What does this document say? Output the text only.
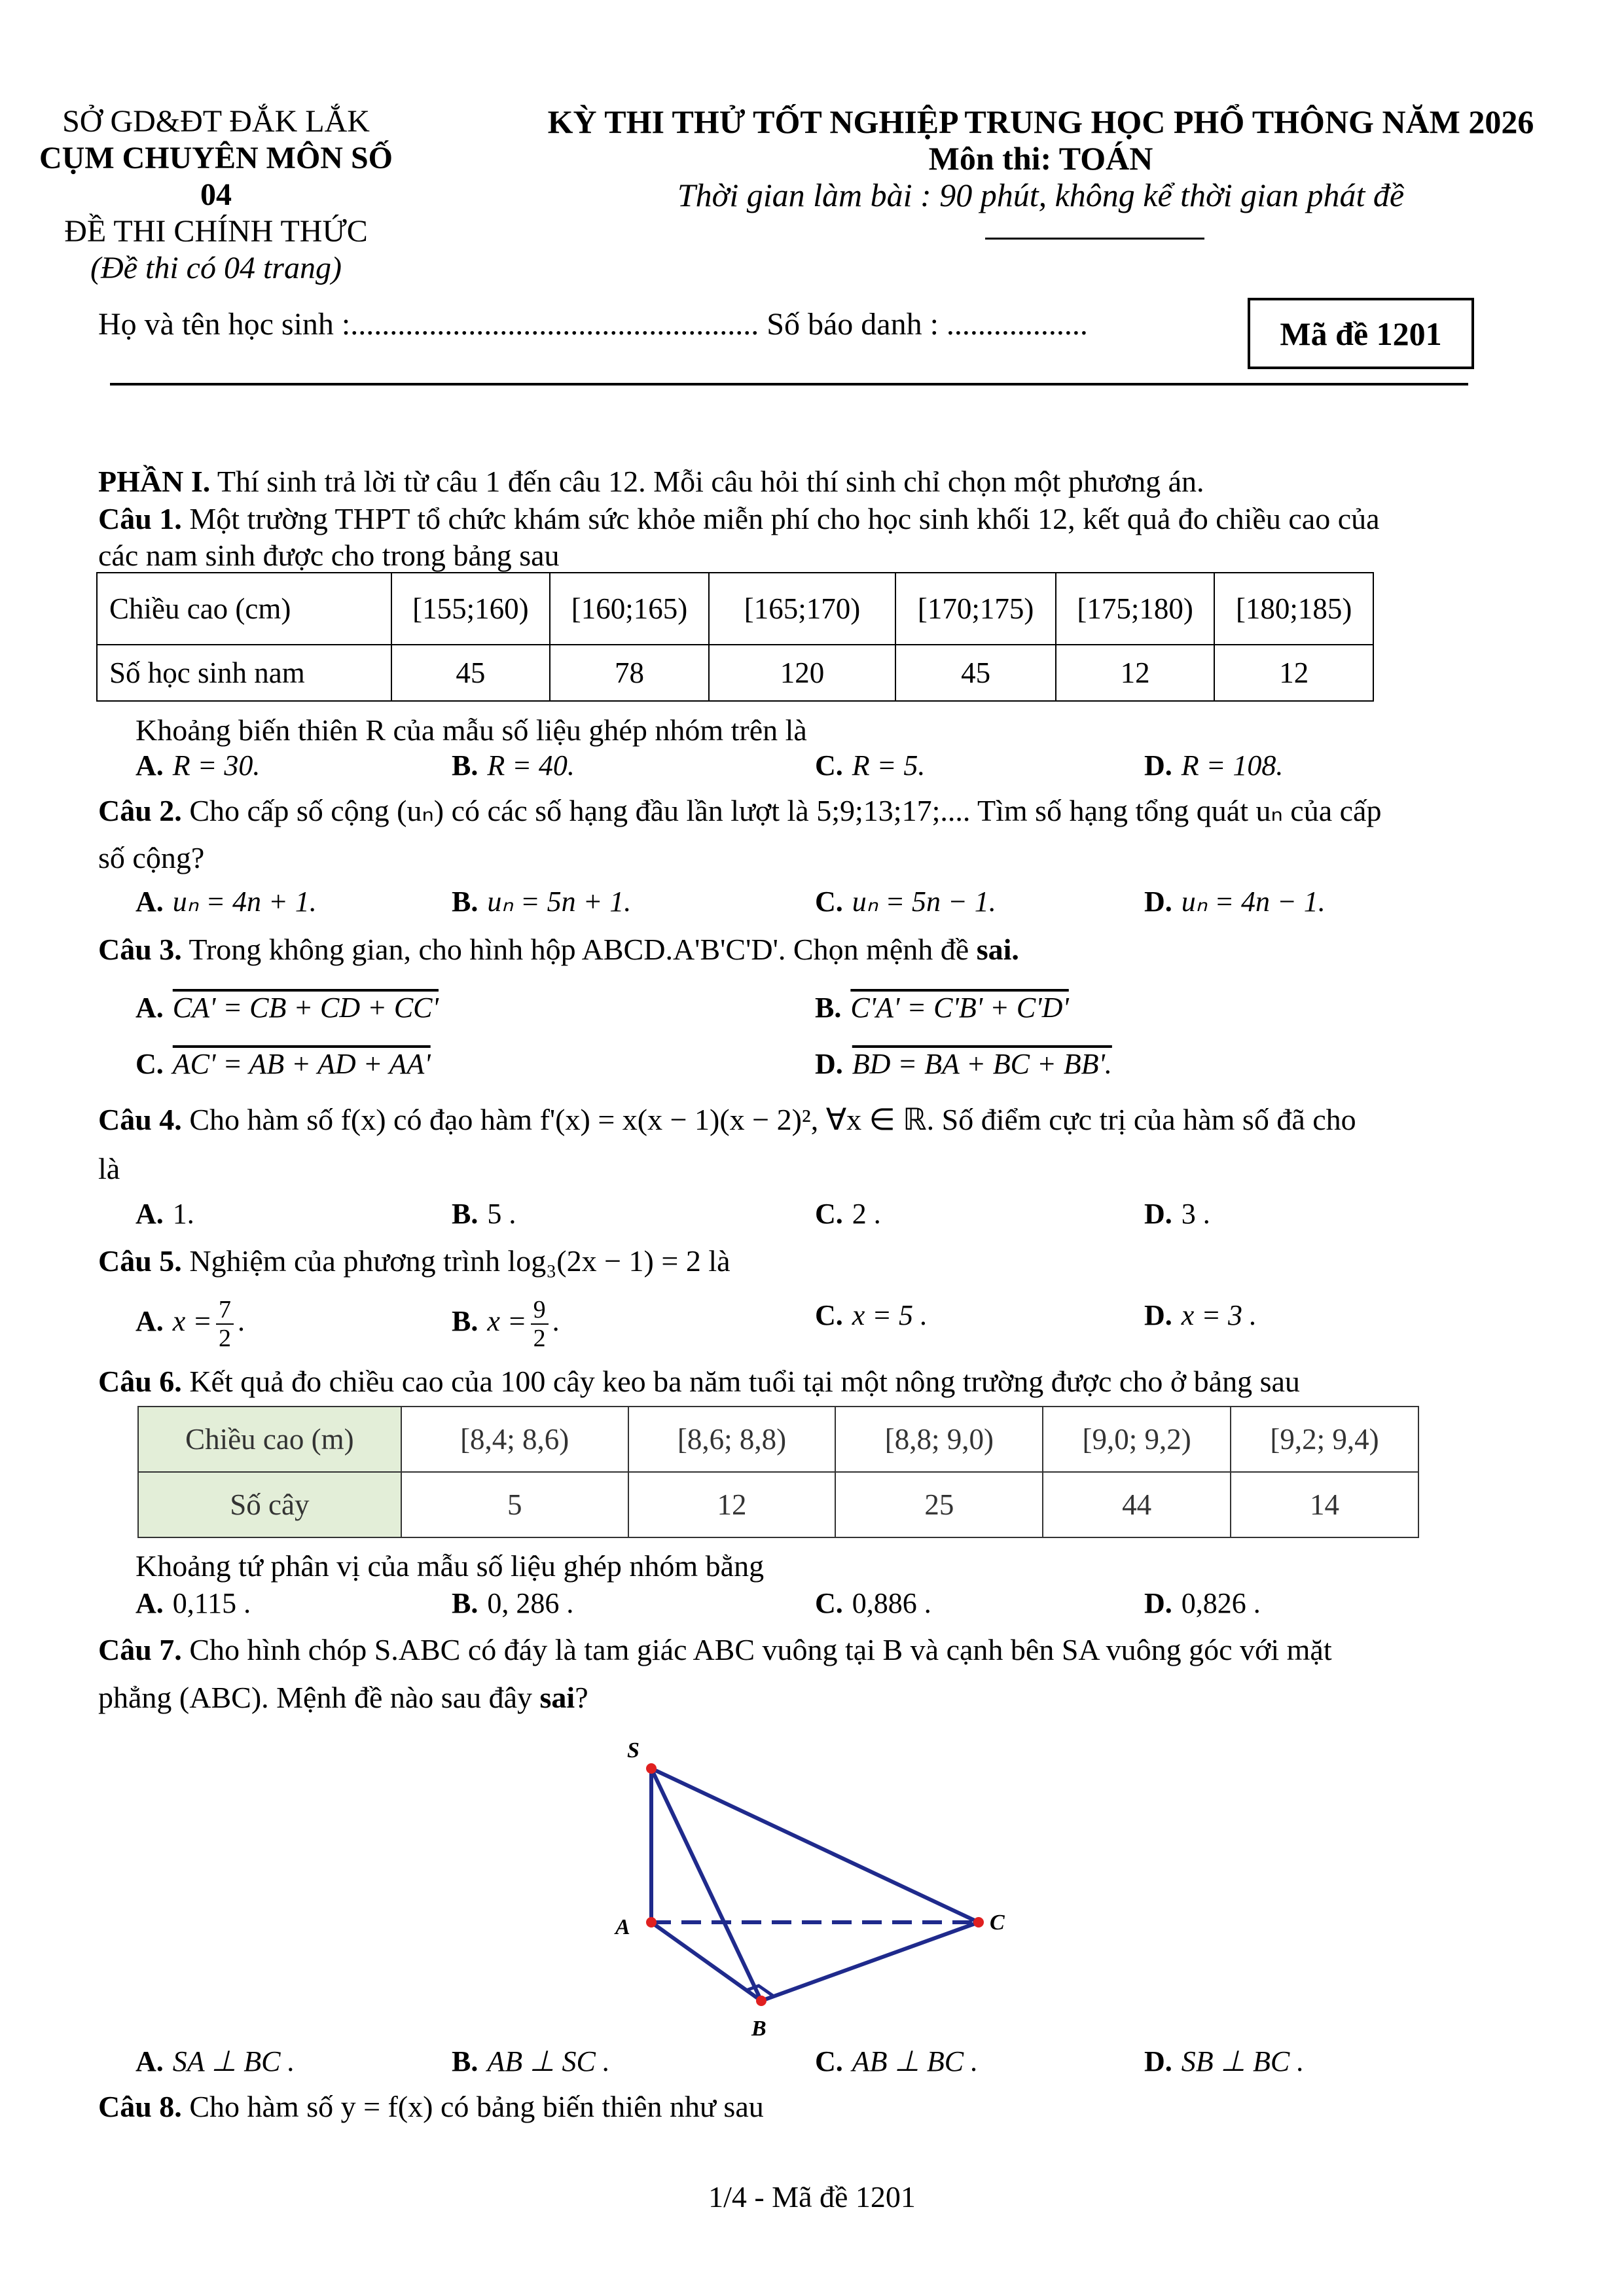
SỞ GD&ĐT ĐẮK LẮK
CỤM CHUYÊN MÔN SỐ 04
ĐỀ THI CHÍNH THỨC
(Đề thi có 04 trang)
KỲ THI THỬ TỐT NGHIỆP TRUNG HỌC PHỔ THÔNG NĂM 2026
Môn thi: TOÁN
Thời gian làm bài : 90 phút, không kể thời gian phát đề
Họ và tên học sinh :.................................................... Số báo danh : ..................	Mã đề 1201
PHẦN I. Thí sinh trả lời từ câu 1 đến câu 12. Mỗi câu hỏi thí sinh chỉ chọn một phương án.
Câu 1. Một trường THPT tổ chức khám sức khỏe miễn phí cho học sinh khối 12, kết quả đo chiều cao của
các nam sinh được cho trong bảng sau
Chiều cao (cm)	[155;160)	[160;165)	[165;170)	[170;175)	[175;180)	[180;185)
Số học sinh nam	45	78	120	45	12	12
Khoảng biến thiên R của mẫu số liệu ghép nhóm trên là
A. R = 30.	B. R = 40.	C. R = 5.	D. R = 108.
Câu 2. Cho cấp số cộng (uₙ) có các số hạng đầu lần lượt là 5;9;13;17;.... Tìm số hạng tổng quát uₙ của cấp
số cộng?
A. uₙ = 4n + 1.	B. uₙ = 5n + 1.	C. uₙ = 5n − 1.	D. uₙ = 4n − 1.
Câu 3. Trong không gian, cho hình hộp ABCD.A'B'C'D'. Chọn mệnh đề sai.
A. CA' = CB + CD + CC'	B. C'A' = C'B' + C'D'
C. AC' = AB + AD + AA'	D. BD = BA + BC + BB'.
Câu 4. Cho hàm số f(x) có đạo hàm f'(x) = x(x − 1)(x − 2)², ∀x ∈ ℝ. Số điểm cực trị của hàm số đã cho
là
A. 1.	B. 5 .	C. 2 .	D. 3 .
Câu 5. Nghiệm của phương trình log₃(2x − 1) = 2 là
A. $x = \frac{7}{2}$ .	B. $x = \frac{9}{2}$ .	C. x = 5 .	D. x = 3 .
Câu 6. Kết quả đo chiều cao của 100 cây keo ba năm tuổi tại một nông trường được cho ở bảng sau
Chiều cao (m)	[8,4; 8,6)	[8,6; 8,8)	[8,8; 9,0)	[9,0; 9,2)	[9,2; 9,4)
Số cây	5	12	25	44	14
Khoảng tứ phân vị của mẫu số liệu ghép nhóm bằng
A. 0,115 .	B. 0, 286 .	C. 0,886 .	D. 0,826 .
Câu 7. Cho hình chóp S.ABC có đáy là tam giác ABC vuông tại B và cạnh bên SA vuông góc với mặt
phẳng (ABC). Mệnh đề nào sau đây sai?
S
A
B
C
A. SA ⊥ BC .	B. AB ⊥ SC .	C. AB ⊥ BC .	D. SB ⊥ BC .
Câu 8. Cho hàm số y = f(x) có bảng biến thiên như sau
1/4 - Mã đề 1201
